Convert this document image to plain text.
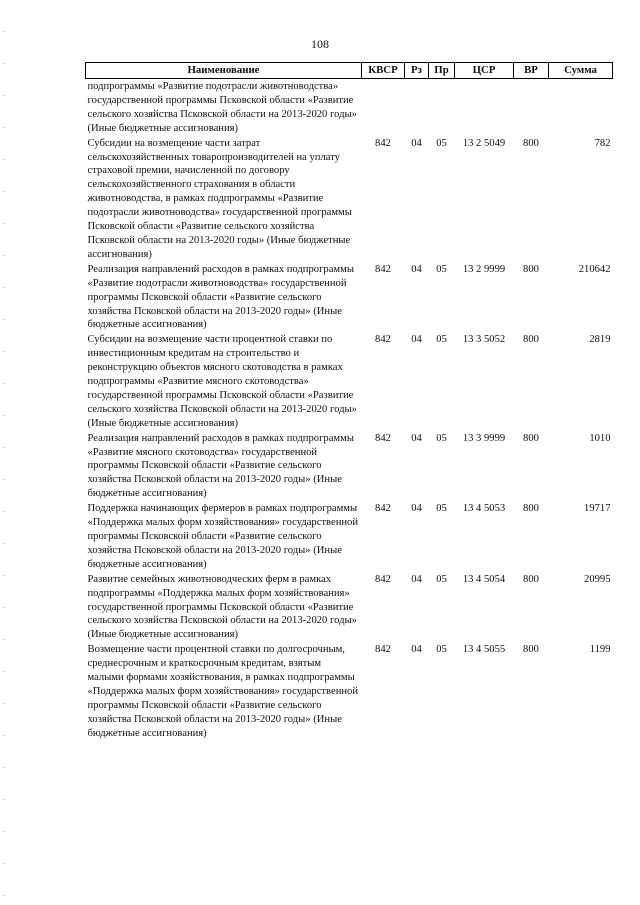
108
Наименование	КВСР	Рз	Пр	ЦСР	ВР	Сумма
подпрограммы «Развитие подотрасли животноводства» государственной программы Псковской области «Развитие сельского хозяйства Псковской области на 2013-2020 годы» (Иные бюджетные ассигнования)						
Субсидии на возмещение части затрат сельскохозяйственных товаропроизводителей на уплату страховой премии, начисленной по договору сельскохозяйственного страхования в области животноводства, в рамках подпрограммы «Развитие подотрасли животноводства» государственной программы Псковской области «Развитие сельского хозяйства Псковской области на 2013-2020 годы» (Иные бюджетные ассигнования)	842	04	05	13 2 5049	800	782
Реализация направлений расходов в рамках подпрограммы «Развитие подотрасли животноводства» государственной программы Псковской области «Развитие сельского хозяйства Псковской области на 2013-2020 годы» (Иные бюджетные ассигнования)	842	04	05	13 2 9999	800	210642
Субсидии на возмещение части процентной ставки по инвестиционным кредитам на строительство и реконструкцию объектов мясного скотоводства в рамках подпрограммы «Развитие мясного скотоводства» государственной программы Псковской области «Развитие сельского хозяйства Псковской области на 2013-2020 годы» (Иные бюджетные ассигнования)	842	04	05	13 3 5052	800	2819
Реализация направлений расходов в рамках подпрограммы «Развитие мясного скотоводства» государственной программы Псковской области «Развитие сельского хозяйства Псковской области на 2013-2020 годы» (Иные бюджетные ассигнования)	842	04	05	13 3 9999	800	1010
Поддержка начинающих фермеров в рамках подпрограммы «Поддержка малых форм хозяйствования» государственной программы Псковской области «Развитие сельского хозяйства Псковской области на 2013-2020 годы» (Иные бюджетные ассигнования)	842	04	05	13 4 5053	800	19717
Развитие семейных животноводческих ферм в рамках подпрограммы «Поддержка малых форм хозяйствования» государственной программы Псковской области «Развитие сельского хозяйства Псковской области на 2013-2020 годы» (Иные бюджетные ассигнования)	842	04	05	13 4 5054	800	20995
Возмещение части процентной ставки по долгосрочным, среднесрочным и краткосрочным кредитам, взятым малыми формами хозяйствования, в рамках подпрограммы «Поддержка малых форм хозяйствования» государственной программы Псковской области «Развитие сельского хозяйства Псковской области на 2013-2020 годы» (Иные бюджетные ассигнования)	842	04	05	13 4 5055	800	1199
